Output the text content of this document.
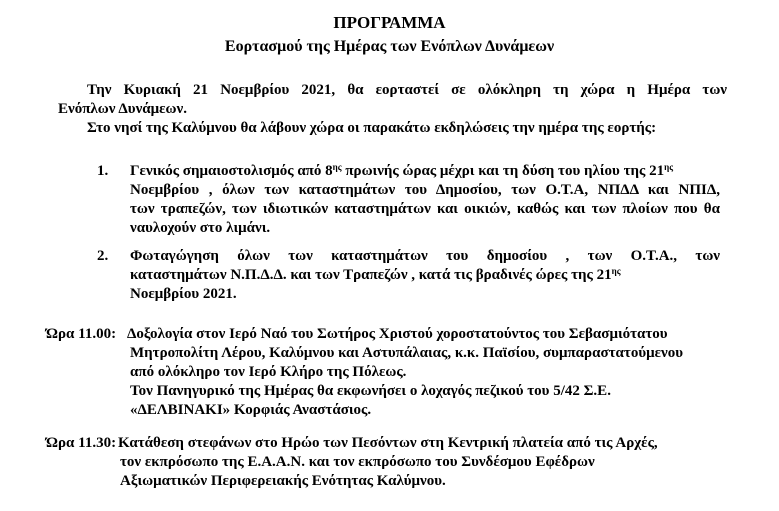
ΠΡΟΓΡΑΜΜΑ
Εορτασμού της Ημέρας των Ενόπλων Δυνάμεων
Την Κυριακή 21 Νοεμβρίου 2021, θα εορταστεί σε ολόκληρη τη χώρα η Ημέρα των
Ενόπλων Δυνάμεων.
Στο νησί της Καλύμνου θα λάβουν χώρα οι παρακάτω εκδηλώσεις την ημέρα της εορτής:
1. Γενικός σημαιοστολισμός από $8^{\eta\varsigma}$ πρωινής ώρας μέχρι και τη δύση του ηλίου της $21^{\eta\varsigma}$
Νοεμβρίου , όλων των καταστημάτων του Δημοσίου, των Ο.Τ.Α, ΝΠΔΔ και ΝΠΙΔ,
των τραπεζών, των ιδιωτικών καταστημάτων και οικιών, καθώς και των πλοίων που θα
ναυλοχούν στο λιμάνι.
2. Φωταγώγηση όλων των καταστημάτων του δημοσίου , των Ο.Τ.Α., των
καταστημάτων Ν.Π.Δ.Δ. και των Τραπεζών , κατά τις βραδινές ώρες της $21^{\eta\varsigma}$
Νοεμβρίου 2021.
Ώρα 11.00: Δοξολογία στον Ιερό Ναό του Σωτήρος Χριστού χοροστατούντος του Σεβασμιότατου
Μητροπολίτη Λέρου, Καλύμνου και Αστυπάλαιας, κ.κ. Παϊσίου, συμπαραστατούμενου
από ολόκληρο τον Ιερό Κλήρο της Πόλεως.
Τον Πανηγυρικό της Ημέρας θα εκφωνήσει ο λοχαγός πεζικού του 5/42 Σ.Ε.
«ΔΕΛΒΙΝΑΚΙ» Κορφιάς Αναστάσιος.
Ώρα 11.30: Κατάθεση στεφάνων στο Ηρώο των Πεσόντων στη Κεντρική πλατεία από τις Αρχές,
τον εκπρόσωπο της Ε.Α.Α.Ν. και τον εκπρόσωπο του Συνδέσμου Εφέδρων
Αξιωματικών Περιφερειακής Ενότητας Καλύμνου.
